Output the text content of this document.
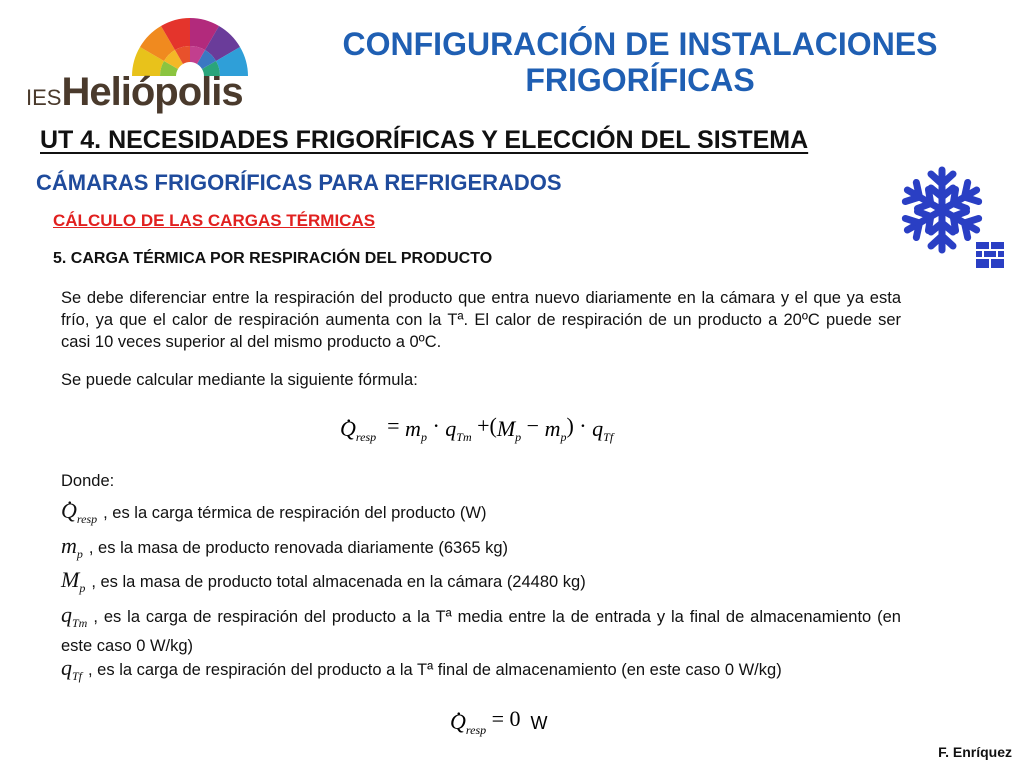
IESHeliópolis
CONFIGURACIÓN DE INSTALACIONES
FRIGORÍFICAS
UT 4. NECESIDADES FRIGORÍFICAS Y ELECCIÓN DEL SISTEMA
CÁMARAS FRIGORÍFICAS PARA REFRIGERADOS
CÁLCULO DE LAS CARGAS TÉRMICAS
5. CARGA TÉRMICA POR RESPIRACIÓN DEL PRODUCTO
Se debe diferenciar entre la respiración del producto que entra nuevo diariamente en la cámara y el que ya esta frío, ya que el calor de respiración aumenta con la Tª. El calor de respiración de un producto a 20ºC puede ser casi 10 veces superior al del mismo producto a 0ºC.
Se puede calcular mediante la siguiente fórmula:
. $Q_{resp} = m_p \cdot q_{Tm} +(M_p - m_p) \cdot q_{Tf}$
Donde:
. $Q_{resp}$ , es la carga térmica de respiración del producto (W)
$m_p$ , es la masa de producto renovada diariamente (6365 kg)
$M_p$ , es la masa de producto total almacenada en la cámara (24480 kg)
$q_{Tm}$ , es la carga de respiración del producto a la Tª media entre la de entrada y la final de almacenamiento (en este caso 0 W/kg)
$q_{Tf}$ , es la carga de respiración del producto a la Tª final de almacenamiento (en este caso 0 W/kg)
. $Q_{resp} = 0$ W
F. Enríquez
